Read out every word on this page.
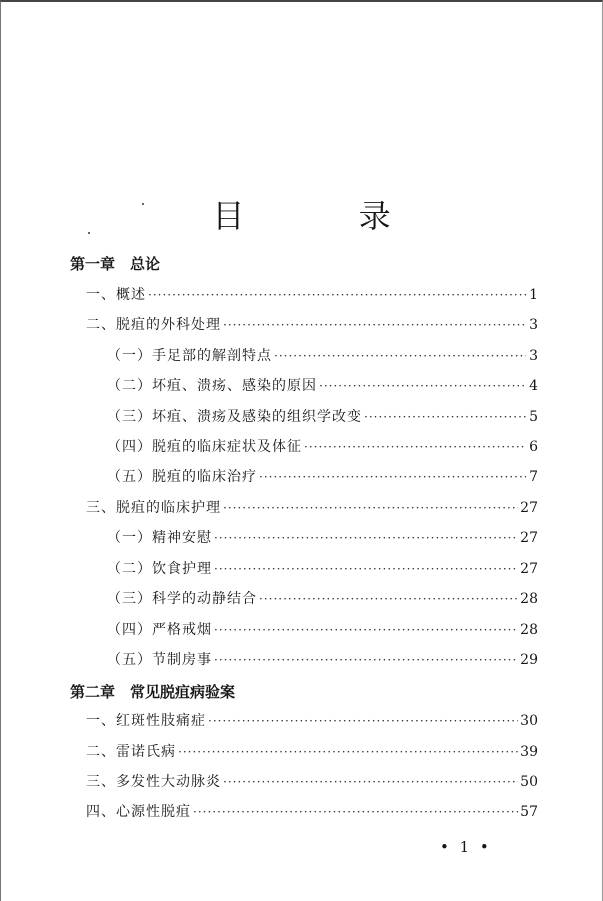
目 录
第一章　总论
一、概述 ·····	1
二、脱疽的外科处理 ·····	3
（一）手足部的解剖特点 ·····	3
（二）坏疽、溃疡、感染的原因 ·····	4
（三）坏疽、溃疡及感染的组织学改变 ·····	5
（四）脱疽的临床症状及体征 ·····	6
（五）脱疽的临床治疗 ·····	7
三、脱疽的临床护理 ·····	27
（一）精神安慰 ·····	27
（二）饮食护理 ·····	27
（三）科学的动静结合 ·····	28
（四）严格戒烟 ·····	28
（五）节制房事 ·····	29
第二章　常见脱疽病验案
一、红斑性肢痛症 ·····	30
二、雷诺氏病 ·····	39
三、多发性大动脉炎 ·····	50
四、心源性脱疽 ·····	57
• 1 •
